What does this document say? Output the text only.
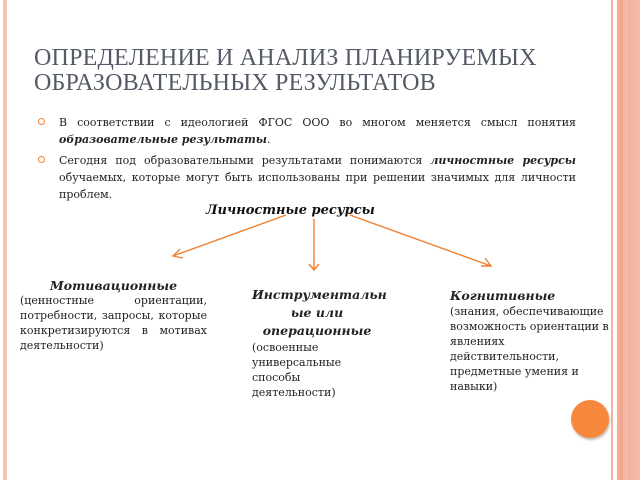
ОПРЕДЕЛЕНИЕ И АНАЛИЗ ПЛАНИРУЕМЫХ
ОБРАЗОВАТЕЛЬНЫХ РЕЗУЛЬТАТОВ
В соответствии с идеологией ФГОС ООО во многом меняется смысл понятия образовательные результаты.
Сегодня под образовательными результатами понимаются личностные ресурсы обучаемых, которые могут быть использованы при решении значимых для личности проблем.
Личностные ресурсы
Мотивационные
(ценностные ориентации, потребности, запросы, которые конкретизируются в мотивах деятельности)
Инструментальн ые или операционные
(освоенные универсальные способы деятельности)
Когнитивные
(знания, обеспечивающие возможность ориентации в явлениях действительности, предметные умения и навыки)
